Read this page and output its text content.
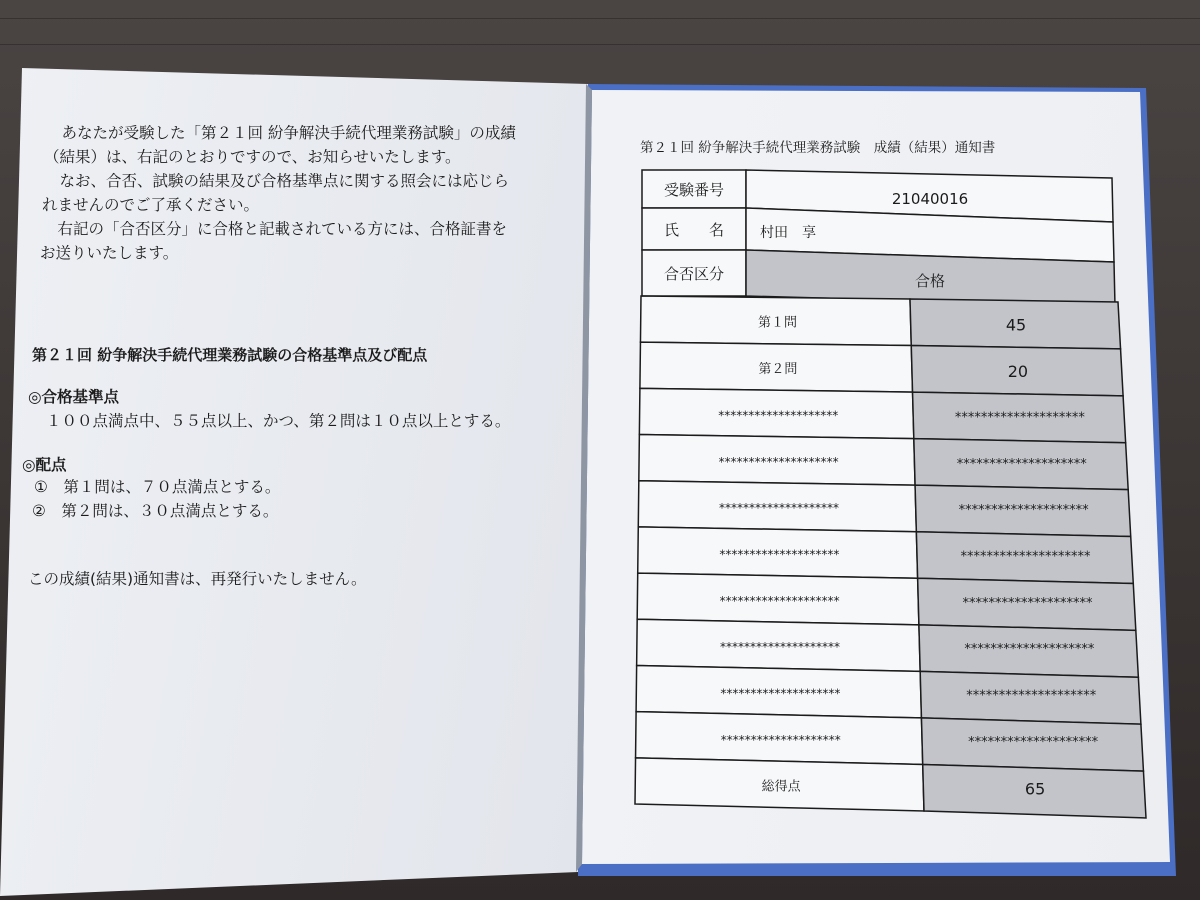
　あなたが受験した「第２１回 紛争解決手続代理業務試験」の成績
（結果）は、右記のとおりですので、お知らせいたします。
　なお、合否、試験の結果及び合格基準点に関する照会には応じら
れませんのでご了承ください。
　右記の「合否区分」に合格と記載されている方には、合格証書を
お送りいたします。
第２１回 紛争解決手続代理業務試験の合格基準点及び配点
◎合格基準点
１００点満点中、５５点以上、かつ、第２問は１０点以上とする。
◎配点
①　第１問は、７０点満点とする。
②　第２問は、３０点満点とする。
この成績(結果)通知書は、再発行いたしません。
第２１回 紛争解決手続代理業務試験　成績（結果）通知書
受験番号	21040016
氏　　名	村田　享
合否区分	合格
第１問	45
第２問	20
********************	********************
********************	********************
********************	********************
********************	********************
********************	********************
********************	********************
********************	********************
********************	********************
総得点	65
